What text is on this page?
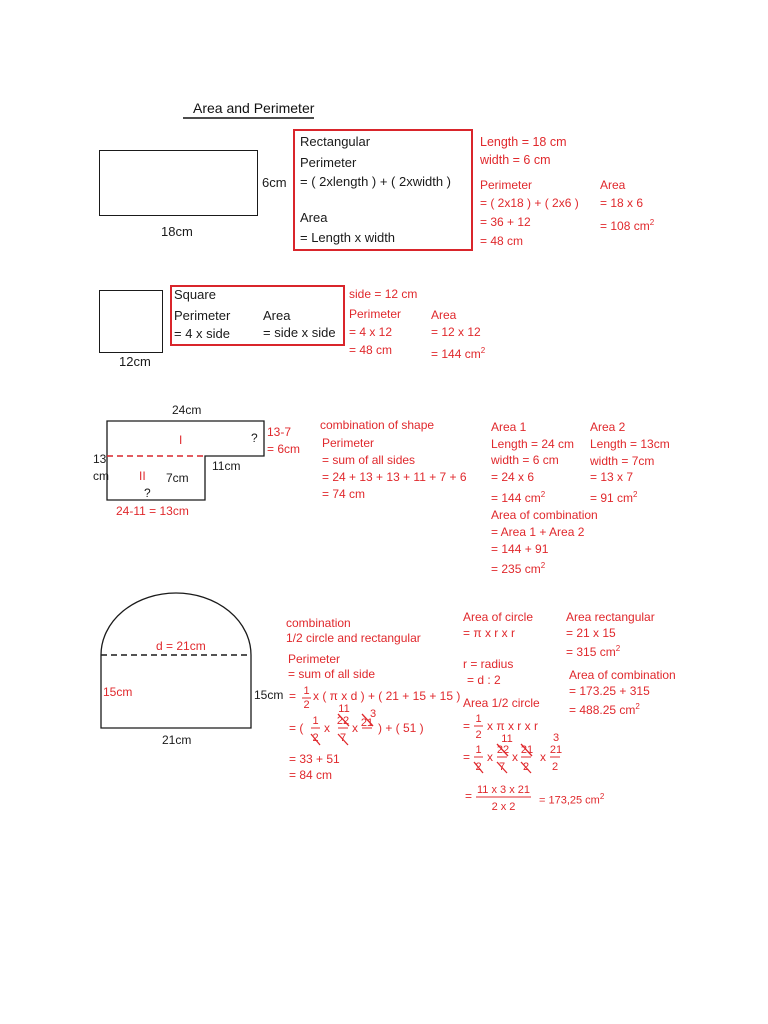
Area and Perimeter
6cm
18cm
Rectangular
Perimeter
= ( 2xlength ) + ( 2xwidth )
Area
= Length x width
Length = 18 cm
width = 6 cm
Perimeter
= ( 2x18 ) + ( 2x6 )
= 36 + 12
= 48 cm
Area
= 18 x 6
= 108 $cm^2$
12cm
Square
Perimeter
= 4 x side
Area
= side x side
side = 12 cm
Perimeter
= 4 x 12
= 48 cm
Area
= 12 x 12
= 144 $cm^2$
24cm
13
cm
13-7
= 6cm
11cm
7cm
I
II
?
?
24-11 = 13cm
combination of shape
Perimeter
= sum of all sides
= 24 + 13 + 13 + 11 + 7 + 6
= 74 cm
Area 1
Length = 24 cm
width = 6 cm
= 24 x 6
= 144 $cm^2$
Area 2
Length = 13cm
width = 7cm
= 13 x 7
= 91 $cm^2$
Area of combination
= Area 1 + Area 2
= 144 + 91
= 235 $cm^2$
d = 21cm
15cm	15cm
21cm
combination
1/2 circle and rectangular
Perimeter
= sum of all side
= 1
2
x ( π x d ) + ( 21 + 15 + 15 )
= ( 1
2
x
11
22
7
x
3
21 ) + ( 51 )
= 33 + 51
= 84 cm
Area of circle
= π x r x r
r = radius
= d : 2
Area 1/2 circle
= 1
2
x π x r x r
= 1
2
x
11
22
7
x
3
21
2
x 21
2
= 11 x 3 x 21
2 x 2
= 173,25 $cm^2$
Area rectangular
= 21 x 15
= 315 $cm^2$
Area of combination
= 173.25 + 315
= 488.25 $cm^2$
